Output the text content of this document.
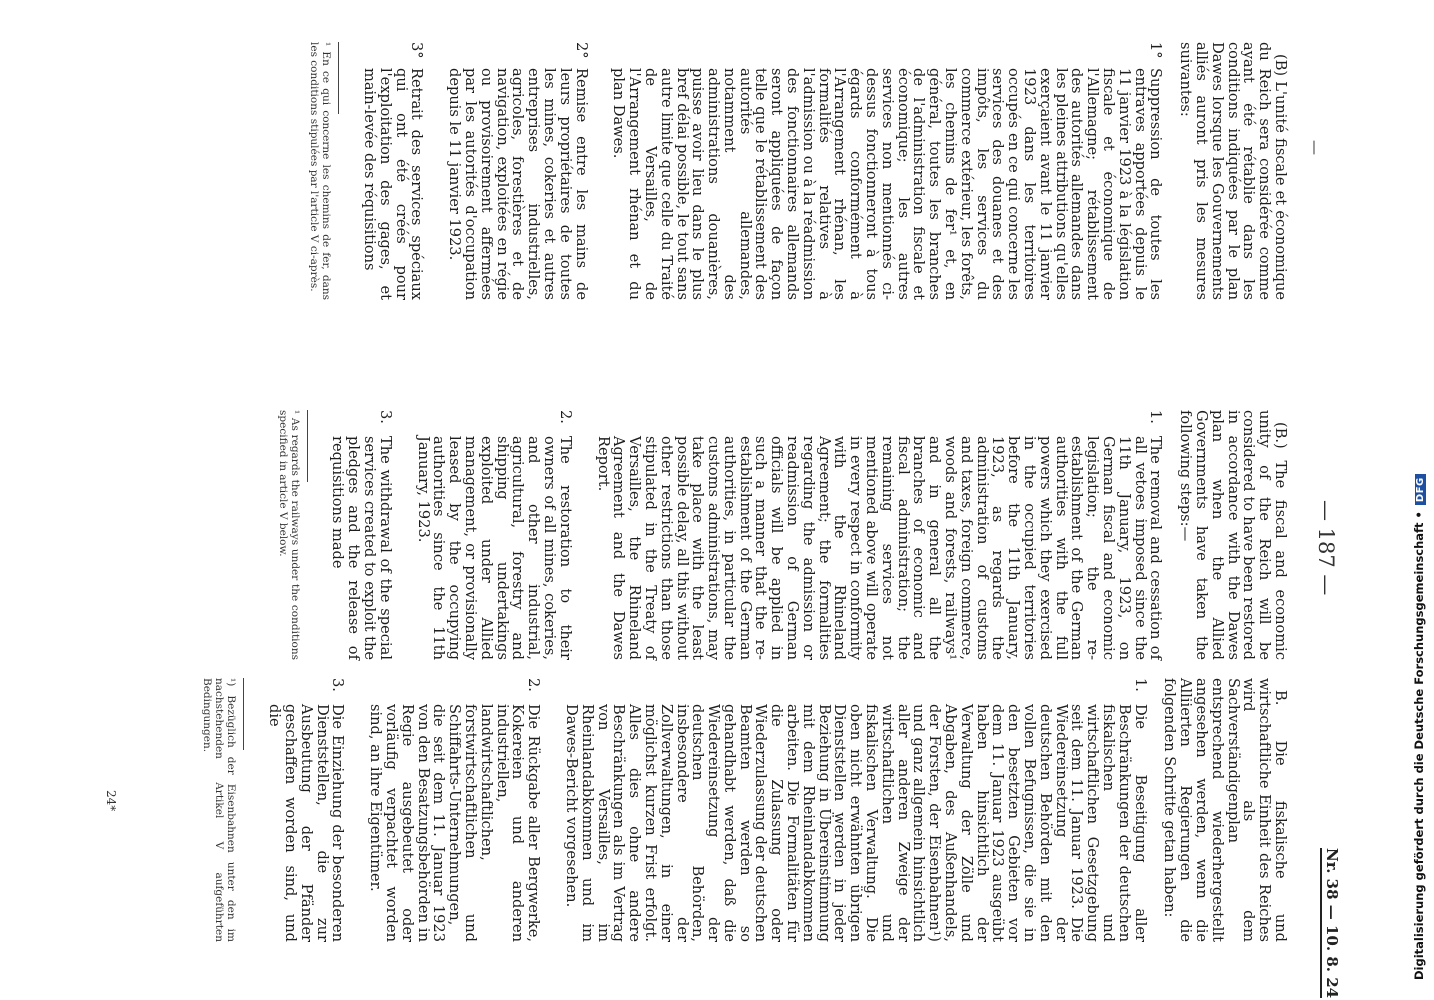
—
— 187 —
Nr. 38 — 10. 8. 24

(B) L'unité fiscale et économique du Reich sera considérée comme ayant été rétablie dans les conditions indiquées par le plan Dawes lorsque les Gouvernements alliés auront pris les mesures suivantes:

1°

Suppression de toutes les entraves apportées depuis le 11 janvier 1923 à la législation fiscale et économique de l'Allemagne; rétablissement des autorités allemandes dans les pleines attributions qu'elles exerçaient avant le 11 janvier 1923 dans les territoires occupés en ce qui concerne les services des douanes et des impôts, les services du commerce extérieur, les forêts, les chemins de fer¹ et, en général, toutes les branches de l'administration fiscale et économique; les autres services non mentionnés ci-dessus fonctionneront à tous égards conformément à l'Arrangement rhénan, les formalités relatives à l'admission ou à la réadmission des fonctionnaires allemands seront appliquées de façon telle que le rétablissement des autorités allemandes, notamment des administrations douanières, puisse avoir lieu dans le plus bref délai possible, le tout sans autre limite que celle du Traité de Versailles, de l'Arrangement rhénan et du plan Dawes.

2°

Remise entre les mains de leurs propriétaires de toutes les mines, cokeries et autres entreprises industrielles, agricoles, forestières et de navigation, exploitées en régie ou provisoirement affermées par les autorités d'occupation depuis le 11 janvier 1923.

3°

Retrait des services spéciaux qui ont été créés pour l'exploitation des gages, et main-levée des réquisitions

¹ En ce qui concerne les chemins de fer, dans les conditions stipulées par l'article V ci-après.

(B.) The fiscal and economic unity of the Reich will be considered to have been restored in accordance with the Dawes plan when the Allied Governments have taken the following steps:—

1.

The removal and cessation of all vetoes imposed since the 11th January, 1923, on German fiscal and economic legislation; the re-establishment of the German authorities with the full powers which they exercised in the occupied territories before the 11th January, 1923, as regards the administration of customs and taxes, foreign commerce, woods and forests, railways¹ and in general all the branches of economic and fiscal administration; the remaining services not mentioned above will operate in every respect in conformity with the Rhineland Agreement; the formalities regarding the admission or readmission of German officials will be applied in such a manner that the re-establishment of the German authorities, in particular the customs administrations, may take place with the least possible delay, all this without other restrictions than those stipulated in the Treaty of Versailles, the Rhineland Agreement and the Dawes Report.

2.

The restoration to their owners of all mines, cokeries, and other industrial, agricultural, forestry and shipping undertakings exploited under Allied management, or provisionally leased by the occupying authorities since the 11th January, 1923.

3.

The withdrawal of the special services created to exploit the pledges and the release of requisitions made

¹ As regards the railways under the conditions specified in article V below.

B. Die fiskalische und wirtschaftliche Einheit des Reiches wird als dem Sachverständigenplan entsprechend wiederhergestellt angesehen werden, wenn die Alliierten Regierungen die folgenden Schritte getan haben:

1.

Die Beseitigung aller Beschränkungen der deutschen fiskalischen und wirtschaftlichen Gesetzgebung seit dem 11. Januar 1923. Die Wiedereinsetzung der deutschen Behörden mit den vollen Befugnissen, die sie in den besetzten Gebieten vor dem 11. Januar 1923 ausgeübt haben hinsichtlich der Verwaltung der Zölle und Abgaben, des Außenhandels, der Forsten, der Eisenbahnen¹) und ganz allgemein hinsichtlich aller anderen Zweige der wirtschaftlichen und fiskalischen Verwaltung. Die oben nicht erwähnten übrigen Dienststellen werden in jeder Beziehung in Übereinstimmung mit dem Rheinlandabkommen arbeiten. Die Formalitäten für die Zulassung oder Wiederzulassung der deutschen Beamten werden so gehandhabt werden, daß die Wiedereinsetzung der deutschen Behörden, insbesondere der Zollverwaltungen, in einer möglichst kurzen Frist erfolgt. Alles dies ohne andere Beschränkungen als im Vertrag von Versailles, im Rheinlandabkommen und im Dawes-Bericht vorgesehen.

2.

Die Rückgabe aller Bergwerke, Kokereien und anderen industriellen, landwirtschaftlichen, forstwirtschaftlichen und Schiffahrts-Unternehmungen, die seit dem 11. Januar 1923 von den Besatzungsbehörden in Regie ausgebeutet oder vorläufig verpachtet worden sind, an ihre Eigentümer.

3.

Die Einziehung der besonderen Dienststellen, die zur Ausbeutung der Pfänder geschaffen worden sind, und die

¹) Bezüglich der Eisenbahnen unter den im nachstehenden Artikel V aufgeführten Bedingungen.

24*	Digitalisierung gefördert durch die Deutsche Forschungsgemeinschaft • DFG
